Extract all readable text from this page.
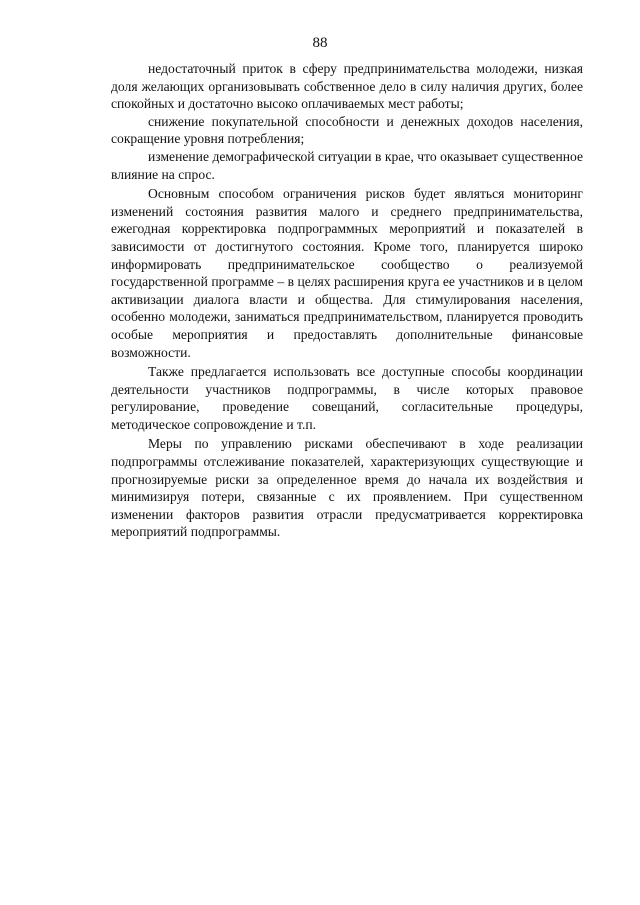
88

недостаточный приток в сферу предпринимательства молодежи, низкая доля желающих организовывать собственное дело в силу наличия других, более спокойных и достаточно высоко оплачиваемых мест работы;

снижение покупательной способности и денежных доходов населения, сокращение уровня потребления;

изменение демографической ситуации в крае, что оказывает существенное влияние на спрос.

Основным способом ограничения рисков будет являться мониторинг изменений состояния развития малого и среднего предпринимательства, ежегодная корректировка подпрограммных мероприятий и показателей в зависимости от достигнутого состояния. Кроме того, планируется широко информировать предпринимательское сообщество о реализуемой государственной программе – в целях расширения круга ее участников и в целом активизации диалога власти и общества. Для стимулирования населения, особенно молодежи, заниматься предпринимательством, планируется проводить особые мероприятия и предоставлять дополнительные финансовые возможности.

Также предлагается использовать все доступные способы координации деятельности участников подпрограммы, в числе которых правовое регулирование, проведение совещаний, согласительные процедуры, методическое сопровождение и т.п.

Меры по управлению рисками обеспечивают в ходе реализации подпрограммы отслеживание показателей, характеризующих существующие и прогнозируемые риски за определенное время до начала их воздействия и минимизируя потери, связанные с их проявлением. При существенном изменении факторов развития отрасли предусматривается корректировка мероприятий подпрограммы.
